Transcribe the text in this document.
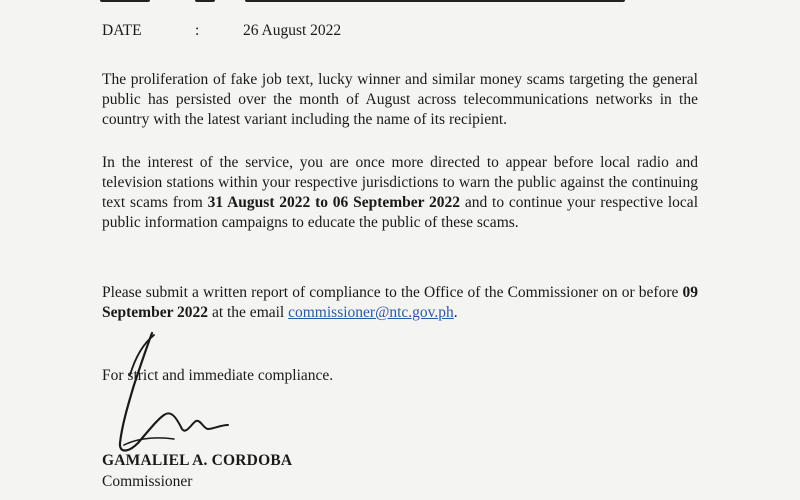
DATE	:	26 August 2022
The proliferation of fake job text, lucky winner and similar money scams targeting the general public has persisted over the month of August across telecommunications networks in the country with the latest variant including the name of its recipient.
In the interest of the service, you are once more directed to appear before local radio and television stations within your respective jurisdictions to warn the public against the continuing text scams from 31 August 2022 to 06 September 2022 and to continue your respective local public information campaigns to educate the public of these scams.
Please submit a written report of compliance to the Office of the Commissioner on or before 09 September 2022 at the email commissioner@ntc.gov.ph.
For strict and immediate compliance.
GAMALIEL A. CORDOBA
Commissioner
